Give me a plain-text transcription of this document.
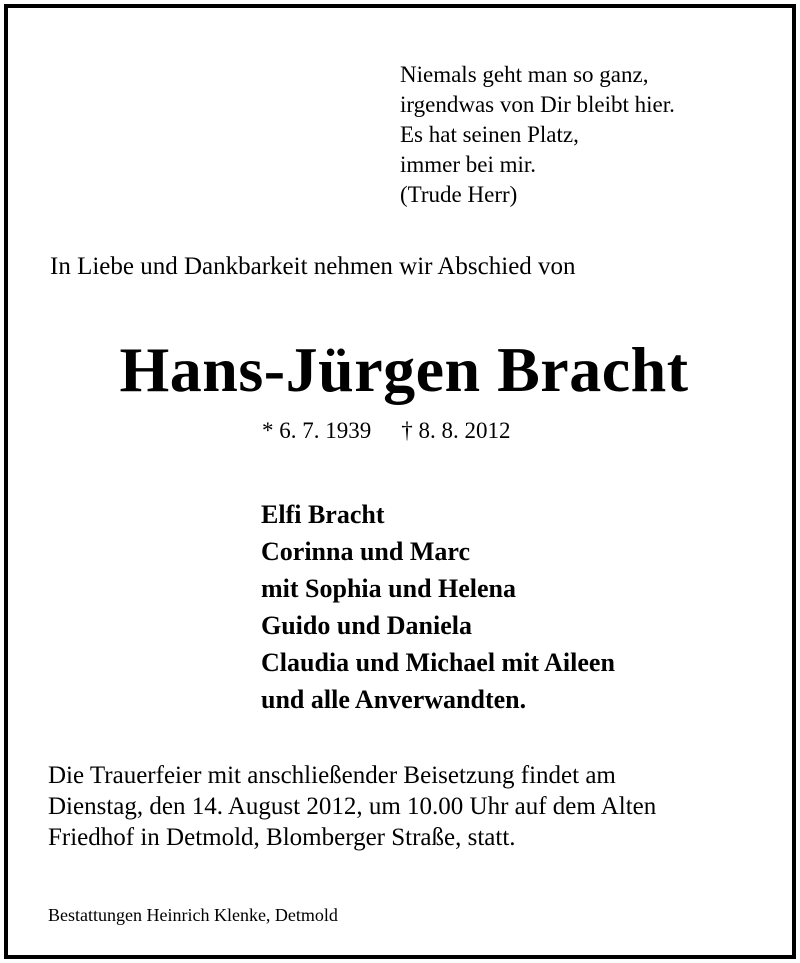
Niemals geht man so ganz,
irgendwas von Dir bleibt hier.
Es hat seinen Platz,
immer bei mir.
(Trude Herr)
In Liebe und Dankbarkeit nehmen wir Abschied von
Hans-Jürgen Bracht
* 6. 7. 1939 † 8. 8. 2012
Elfi Bracht
Corinna und Marc
mit Sophia und Helena
Guido und Daniela
Claudia und Michael mit Aileen
und alle Anverwandten.
Die Trauerfeier mit anschließender Beisetzung findet am
Dienstag, den 14. August 2012, um 10.00 Uhr auf dem Alten
Friedhof in Detmold, Blomberger Straße, statt.
Bestattungen Heinrich Klenke, Detmold
